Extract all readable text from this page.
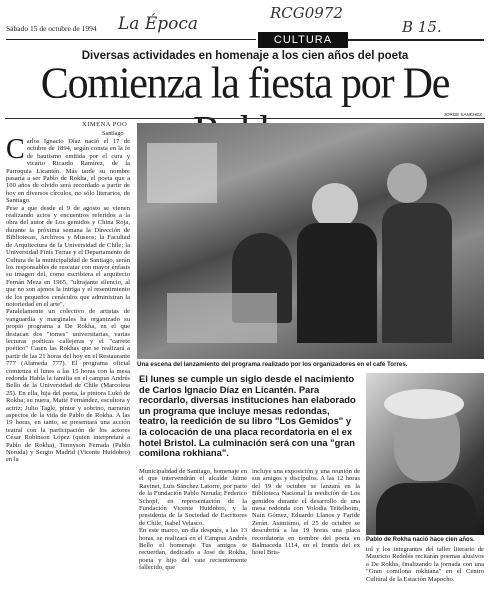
Sábado 15 de octubre de 1994 La Época
RCG0972
B 15.
CULTURA
Diversas actividades en homenaje a los cien años del poeta
Comienza la fiesta por De
JORGE SANCHEZ
XIMENA POO
Santiago
C arlos Ignacio Díaz nació el 17 de octubre de 1894, según consta en la fe de bautismo emitida por el cura y vicario Ricardo Ramírez, de la Parroquia Licantén. Más tarde su nombre pasaría a ser Pablo de Rokha, el poeta que a 100 años de olvido será recordado a partir de hoy en diversos círculos, no sólo literarios, de Santiago.
Pese a que desde el 9 de agosto se vienen realizando actos y encuentros referidos a la obra del autor de Los gemidos y China Roja, durante la próxima semana la Dirección de Bibliotecas, Archivos y Museos; la Facultad de Arquitectura de la Universidad de Chile; la Universidad Finis Terrae y el Departamento de Cultura de la municipalidad de Santiago, serán los responsables de rescatar con mayor énfasis su imagen del, como escribiera el arquitecto Fernán Meza en 1965, "ultrajante silencio, al que no son ajenos la intriga y el resentimiento de los pequeños cenáculos que administran la notoriedad en el arte".
Paralelamente un colectivo de artistas de vanguardia y marginales ha organizado su propio programa a De Rokha, en el que destacan dos "tomes" universitarias, varias lecturas poéticas callejeras y el "carrete poético" Casen las Rokhas que se realizará a partir de las 21 horas del hoy en el Restaurante 777 (Alameda 777). El programa oficial comienza el lunes a las 15 horas con la mesa redonda Habla la familia en el campus Andrés Bello de la Universidad de Chile (Marcoleta 25). En ella, hija del poeta, la pintora Lukó de Rokha; su nuera, Maité Fernández, escultora y actriz; Julio Tagle, pintor y sobrino, narrarán aspectos de la vida de Pablo de Rokha. A las 19 horas, en tanto, se presentará una acción teatral con la participación de los actores César Robinson López (quien interpretará a Pablo de Rokha), Tennyson Ferrada (Pablo Neruda) y Sergio Madrid (Vicente Huidobro) en la
Una escena del lanzamiento del programa realizado por los organizadores en el café Torres.
El lunes se cumple un siglo desde el nacimiento de Carlos Ignacio Díaz en Licantén. Para recordarlo, diversas instituciones han elaborado un programa que incluye mesas redondas, teatro, la reedición de su libro "Los Gemidos" y la colocación de una placa recordatoria en el ex hotel Bristol. La culminación será con una "gran comilona rokhiana".
Municipalidad de Santiago, homenaje en el que intervendrán el alcalde Jaime Ravinet, Luis Sánchez Latorre, por parte de la Fundación Pablo Neruda; Federico Schopf, en representación de la Fundación Vicente Huidobro, y la presidenta de la Sociedad de Escritores de Chile, Isabel Velasco.
En este marco, un día después, a las 13 horas, se realizará en el Campus Andrés Bello el homenaje Tus amigos te recuerdan, dedicado a José de Rokha, poeta y hijo del vate recientemente fallecido, que
incluye una exposición y una reunión de sus amigos y discípulos. A las 12 horas del 19 de octubre se lanzará en la Biblioteca Nacional la reedición de Los gemidos durante el desarrollo de una mesa redonda con Volodia Teitelboim, Naín Gómez, Eduardo Llanos y Faride Zerán. Asimismo, el 25 de octubre se descubrirá a las 19 horas una placa recordatoria en nombre del poeta en Balmaceda 1114, en el frontis del ex hotel Bris-
Pablo de Rokha nació hace cien años.
tol y los integrantes del taller literario de Mauricio Redolés recitarán poemas alusivos a De Rokha, finalizando la jornada con una "Gran comilona rokhiana" en el Centro Cultural de la Estación Mapocho.
